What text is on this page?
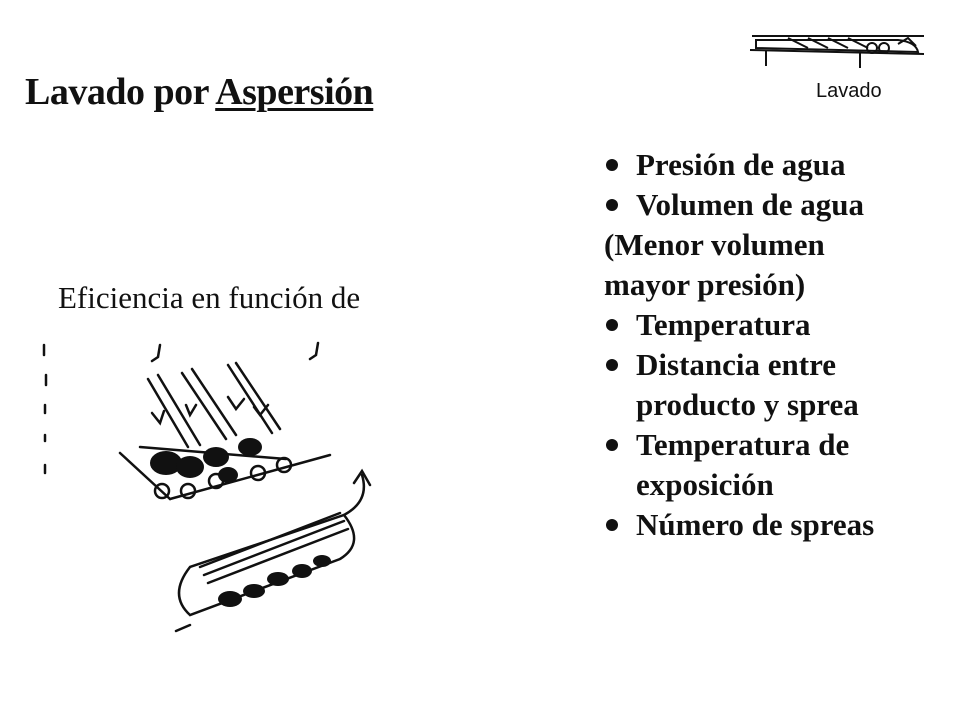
Lavado por Aspersión	Lavado
Eficiencia en función de
Presión de agua
Volumen de agua
(Menor volumen
mayor presión)
Temperatura
Distancia entre producto y sprea
Temperatura de exposición
Número de spreas
